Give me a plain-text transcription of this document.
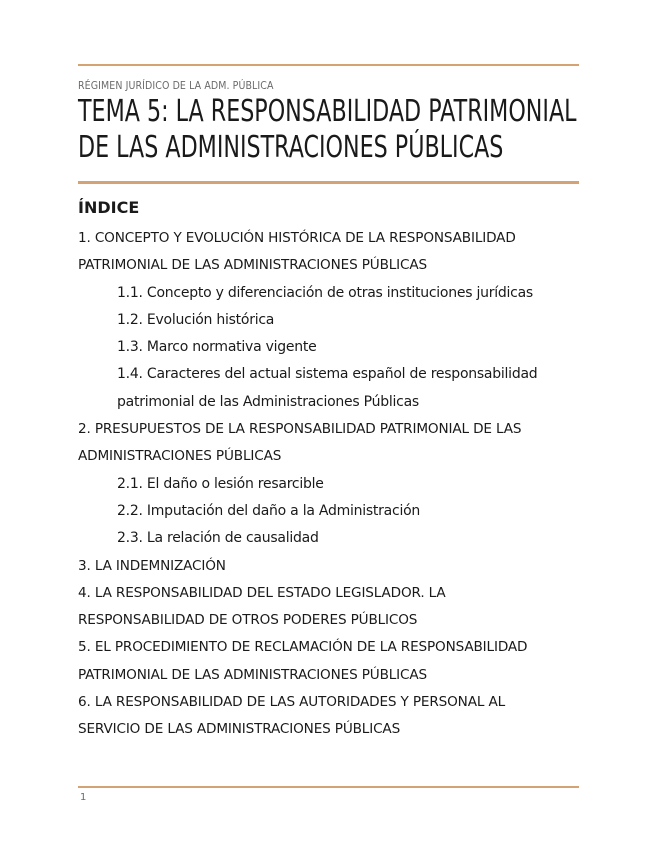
RÉGIMEN JURÍDICO DE LA ADM. PÚBLICA
TEMA 5: LA RESPONSABILIDAD PATRIMONIAL
DE LAS ADMINISTRACIONES PÚBLICAS
ÍNDICE
1. CONCEPTO Y EVOLUCIÓN HISTÓRICA DE LA RESPONSABILIDAD
PATRIMONIAL DE LAS ADMINISTRACIONES PÚBLICAS
1.1. Concepto y diferenciación de otras instituciones jurídicas
1.2. Evolución histórica
1.3. Marco normativa vigente
1.4. Caracteres del actual sistema español de responsabilidad
patrimonial de las Administraciones Públicas
2. PRESUPUESTOS DE LA RESPONSABILIDAD PATRIMONIAL DE LAS
ADMINISTRACIONES PÚBLICAS
2.1. El daño o lesión resarcible
2.2. Imputación del daño a la Administración
2.3. La relación de causalidad
3. LA INDEMNIZACIÓN
4. LA RESPONSABILIDAD DEL ESTADO LEGISLADOR. LA
RESPONSABILIDAD DE OTROS PODERES PÚBLICOS
5. EL PROCEDIMIENTO DE RECLAMACIÓN DE LA RESPONSABILIDAD
PATRIMONIAL DE LAS ADMINISTRACIONES PÚBLICAS
6. LA RESPONSABILIDAD DE LAS AUTORIDADES Y PERSONAL AL
SERVICIO DE LAS ADMINISTRACIONES PÚBLICAS
1
